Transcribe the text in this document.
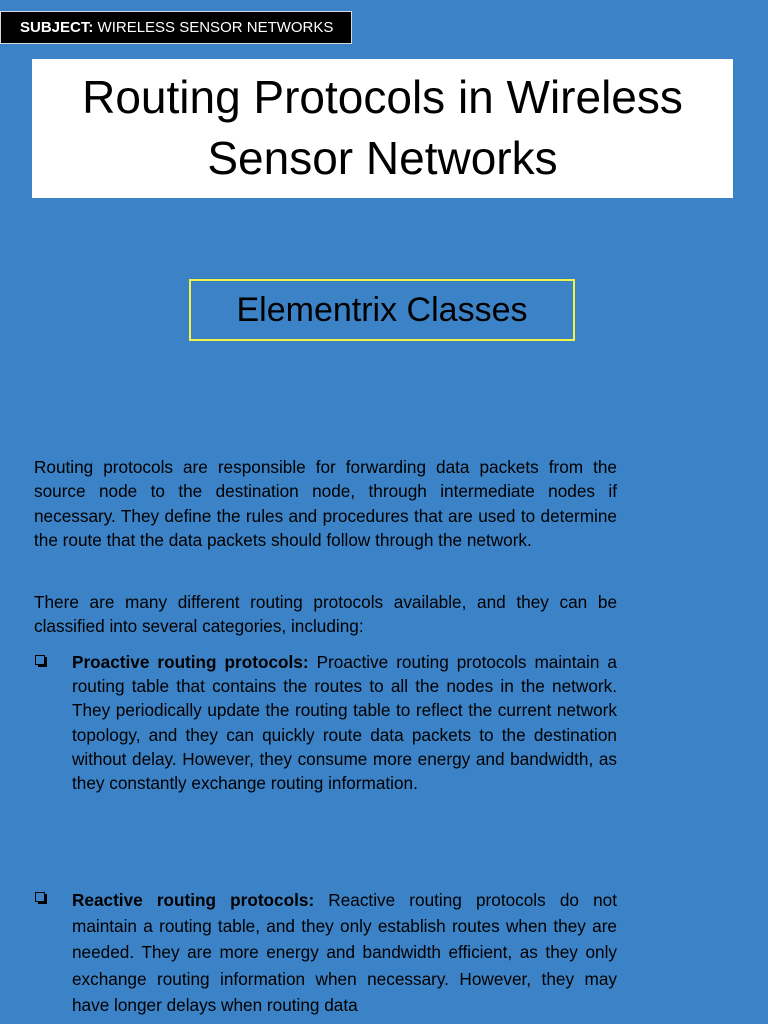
SUBJECT: WIRELESS SENSOR NETWORKS
Routing Protocols in Wireless
Sensor Networks
Elementrix Classes
Routing protocols are responsible for forwarding data packets from the source node to the destination node, through intermediate nodes if necessary. They define the rules and procedures that are used to determine the route that the data packets should follow through the network.
There are many different routing protocols available, and they can be classified into several categories, including:
Proactive routing protocols: Proactive routing protocols maintain a routing table that contains the routes to all the nodes in the network. They periodically update the routing table to reflect the current network topology, and they can quickly route data packets to the destination without delay. However, they consume more energy and bandwidth, as they constantly exchange routing information.
Reactive routing protocols: Reactive routing protocols do not maintain a routing table, and they only establish routes when they are needed. They are more energy and bandwidth efficient, as they only exchange routing information when necessary. However, they may have longer delays when routing data
